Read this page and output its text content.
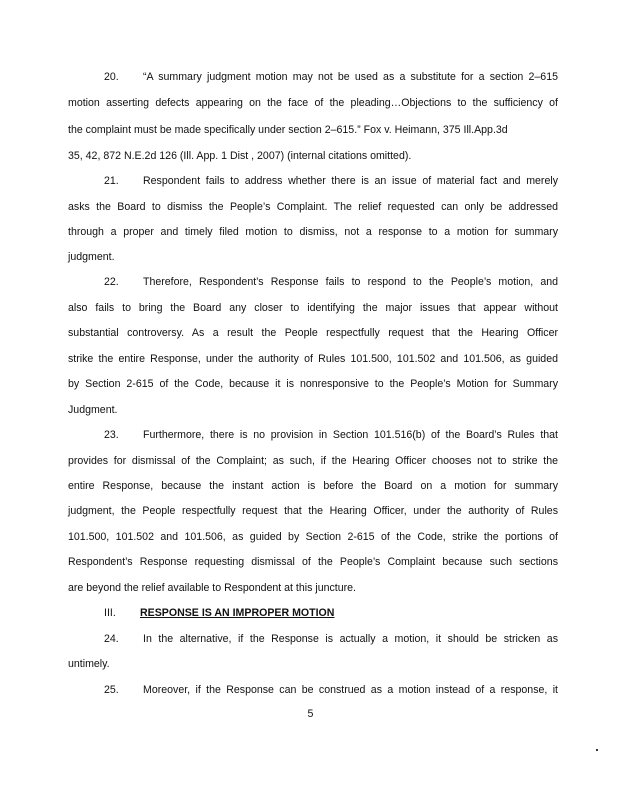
20. “A summary judgment motion may not be used as a substitute for a section 2–615
motion asserting defects appearing on the face of the pleading…Objections to the sufficiency of
the complaint must be made specifically under section 2–615.” Fox v. Heimann, 375 Ill.App.3d
35, 42, 872 N.E.2d 126 (Ill. App. 1 Dist , 2007) (internal citations omitted).
21. Respondent fails to address whether there is an issue of material fact and merely
asks the Board to dismiss the People’s Complaint. The relief requested can only be addressed
through a proper and timely filed motion to dismiss, not a response to a motion for summary
judgment.
22. Therefore, Respondent’s Response fails to respond to the People’s motion, and
also fails to bring the Board any closer to identifying the major issues that appear without
substantial controversy. As a result the People respectfully request that the Hearing Officer
strike the entire Response, under the authority of Rules 101.500, 101.502 and 101.506, as guided
by Section 2-615 of the Code, because it is nonresponsive to the People’s Motion for Summary
Judgment.
23. Furthermore, there is no provision in Section 101.516(b) of the Board’s Rules that
provides for dismissal of the Complaint; as such, if the Hearing Officer chooses not to strike the
entire Response, because the instant action is before the Board on a motion for summary
judgment, the People respectfully request that the Hearing Officer, under the authority of Rules
101.500, 101.502 and 101.506, as guided by Section 2-615 of the Code, strike the portions of
Respondent’s Response requesting dismissal of the People’s Complaint because such sections
are beyond the relief available to Respondent at this juncture.
III. RESPONSE IS AN IMPROPER MOTION
24. In the alternative, if the Response is actually a motion, it should be stricken as
untimely.
25. Moreover, if the Response can be construed as a motion instead of a response, it
5
